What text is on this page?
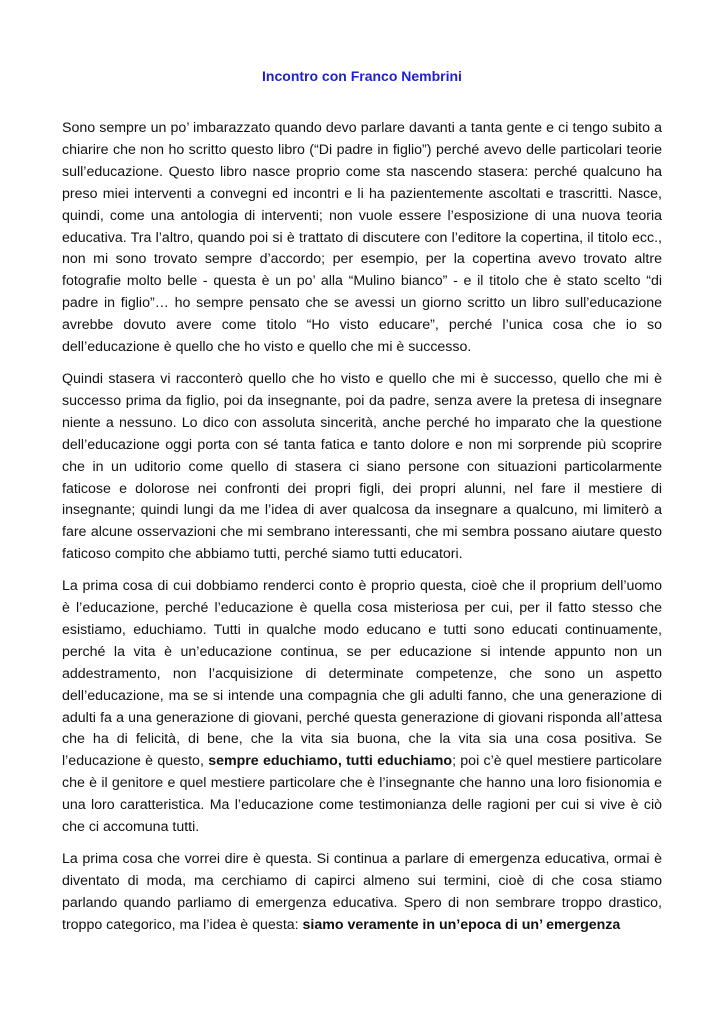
Incontro con Franco Nembrini

Sono sempre un po’ imbarazzato quando devo parlare davanti a tanta gente e ci tengo subito a chiarire che non ho scritto questo libro (“Di padre in figlio”) perché avevo delle particolari teorie sull’educazione. Questo libro nasce proprio come sta nascendo stasera: perché qualcuno ha preso miei interventi a convegni ed incontri e li ha pazientemente ascoltati e trascritti. Nasce, quindi, come una antologia di interventi; non vuole essere l’esposizione di una nuova teoria educativa. Tra l’altro, quando poi si è trattato di discutere con l’editore la copertina, il titolo ecc., non mi sono trovato sempre d’accordo; per esempio, per la copertina avevo trovato altre fotografie molto belle - questa è un po’ alla “Mulino bianco” - e il titolo che è stato scelto “di padre in figlio”… ho sempre pensato che se avessi un giorno scritto un libro sull’educazione avrebbe dovuto avere come titolo “Ho visto educare”, perché l’unica cosa che io so dell’educazione è quello che ho visto e quello che mi è successo.

Quindi stasera vi racconterò quello che ho visto e quello che mi è successo, quello che mi è successo prima da figlio, poi da insegnante, poi da padre, senza avere la pretesa di insegnare niente a nessuno. Lo dico con assoluta sincerità, anche perché ho imparato che la questione dell’educazione oggi porta con sé tanta fatica e tanto dolore e non mi sorprende più scoprire che in un uditorio come quello di stasera ci siano persone con situazioni particolarmente faticose e dolorose nei confronti dei propri figli, dei propri alunni, nel fare il mestiere di insegnante; quindi lungi da me l’idea di aver qualcosa da insegnare a qualcuno, mi limiterò a fare alcune osservazioni che mi sembrano interessanti, che mi sembra possano aiutare questo faticoso compito che abbiamo tutti, perché siamo tutti educatori.

La prima cosa di cui dobbiamo renderci conto è proprio questa, cioè che il proprium dell’uomo è l’educazione, perché l’educazione è quella cosa misteriosa per cui, per il fatto stesso che esistiamo, educhiamo. Tutti in qualche modo educano e tutti sono educati continuamente, perché la vita è un’educazione continua, se per educazione si intende appunto non un addestramento, non l’acquisizione di determinate competenze, che sono un aspetto dell’educazione, ma se si intende una compagnia che gli adulti fanno, che una generazione di adulti fa a una generazione di giovani, perché questa generazione di giovani risponda all’attesa che ha di felicità, di bene, che la vita sia buona, che la vita sia una cosa positiva. Se l’educazione è questo, sempre educhiamo, tutti educhiamo; poi c’è quel mestiere particolare che è il genitore e quel mestiere particolare che è l’insegnante che hanno una loro fisionomia e una loro caratteristica. Ma l’educazione come testimonianza delle ragioni per cui si vive è ciò che ci accomuna tutti.

La prima cosa che vorrei dire è questa. Si continua a parlare di emergenza educativa, ormai è diventato di moda, ma cerchiamo di capirci almeno sui termini, cioè di che cosa stiamo parlando quando parliamo di emergenza educativa. Spero di non sembrare troppo drastico, troppo categorico, ma l’idea è questa: siamo veramente in un’epoca di un’ emergenza
